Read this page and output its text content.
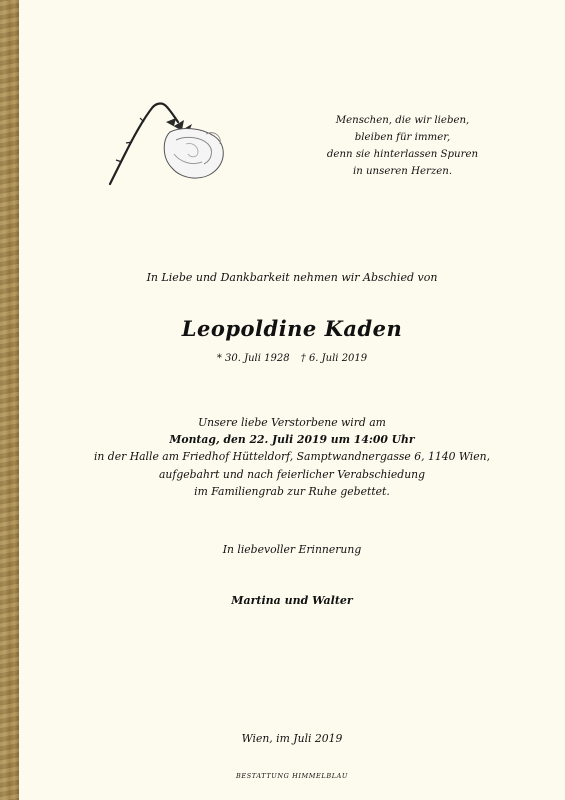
Menschen, die wir lieben,
bleiben für immer,
denn sie hinterlassen Spuren
in unseren Herzen.
In Liebe und Dankbarkeit nehmen wir Abschied von
Leopoldine Kaden
* 30. Juli 1928 † 6. Juli 2019
Unsere liebe Verstorbene wird am
Montag, den 22. Juli 2019 um 14:00 Uhr
in der Halle am Friedhof Hütteldorf, Samptwandnergasse 6, 1140 Wien,
aufgebahrt und nach feierlicher Verabschiedung
im Familiengrab zur Ruhe gebettet.
In liebevoller Erinnerung
Martina und Walter
Wien, im Juli 2019
BESTATTUNG HIMMELBLAU
